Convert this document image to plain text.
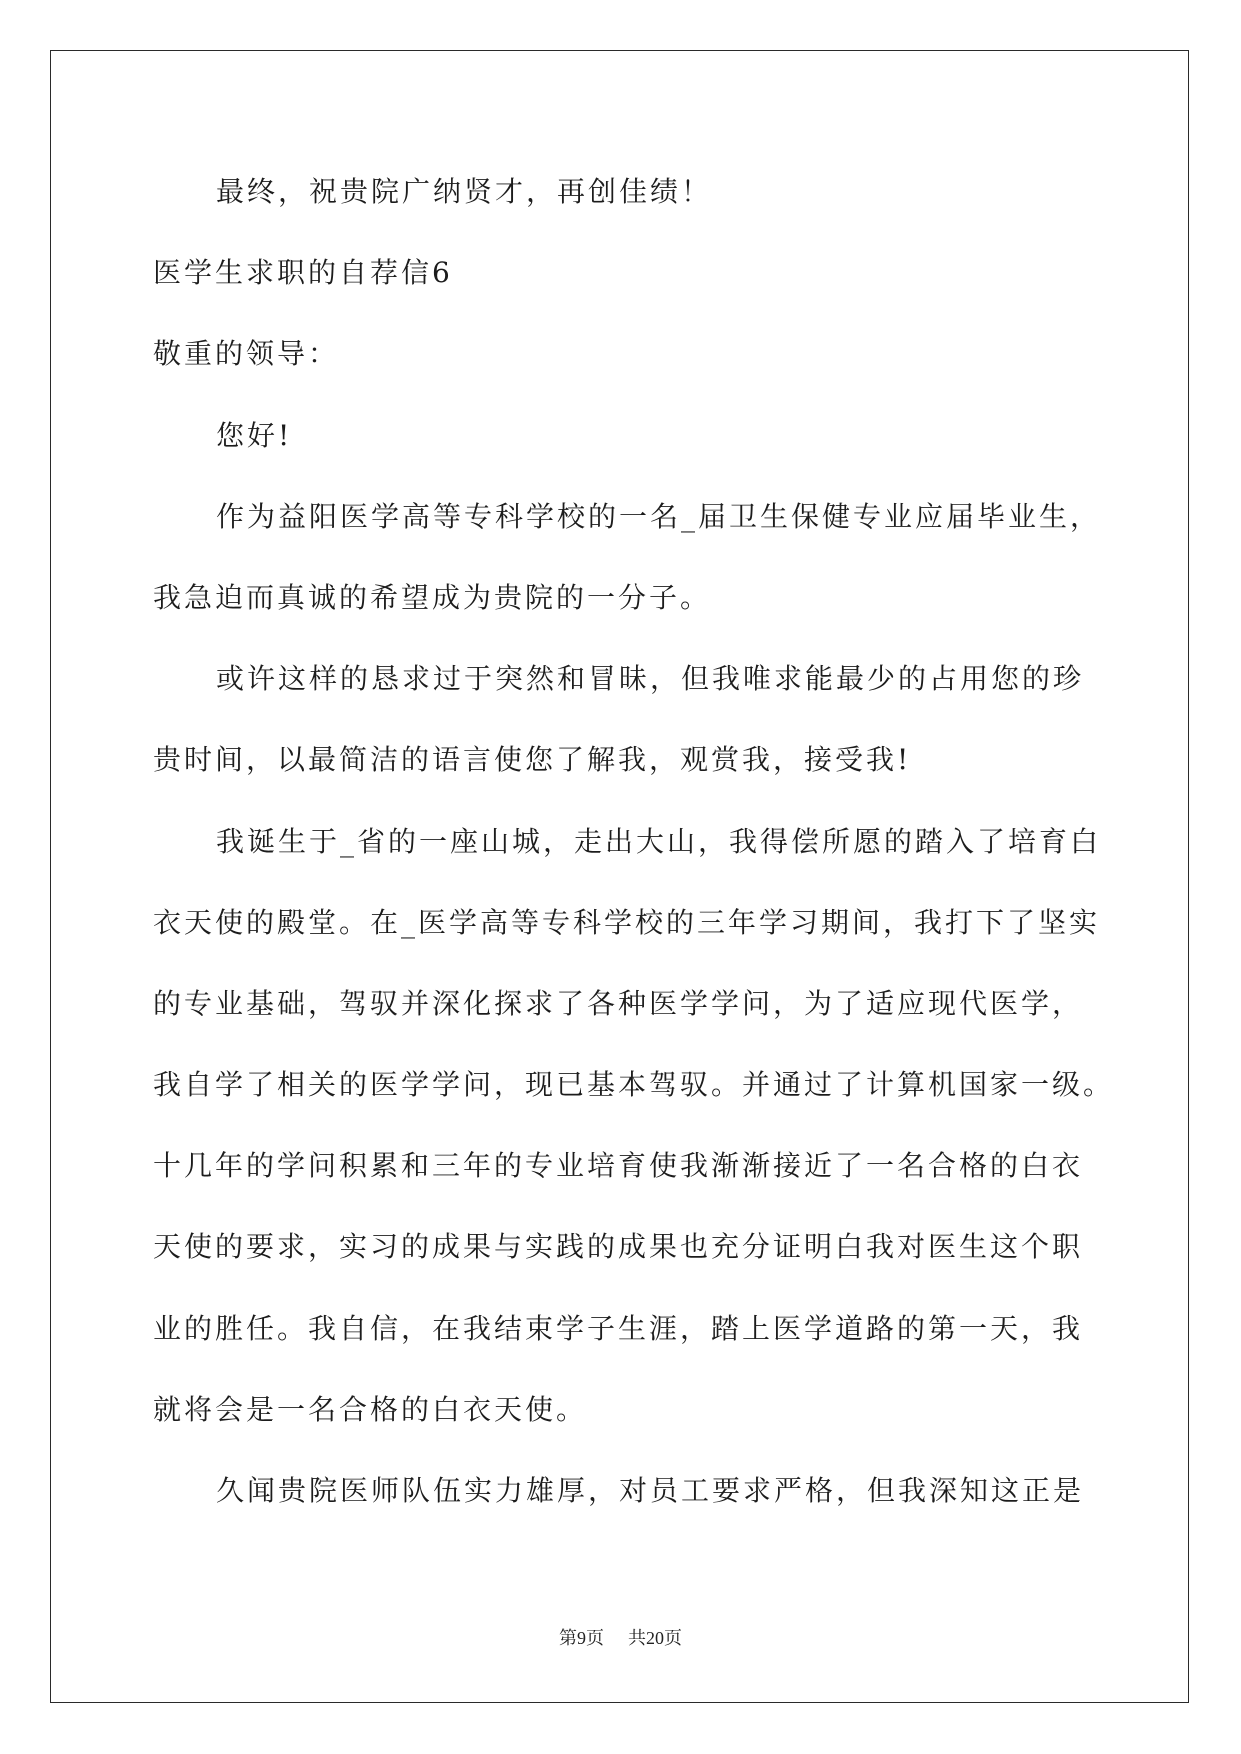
最终，祝贵院广纳贤才，再创佳绩！
医学生求职的自荐信6
敬重的领导：
您好!
作为益阳医学高等专科学校的一名_届卫生保健专业应届毕业生，
我急迫而真诚的希望成为贵院的一分子。
或许这样的恳求过于突然和冒昧，但我唯求能最少的占用您的珍
贵时间，以最简洁的语言使您了解我，观赏我，接受我!
我诞生于_省的一座山城，走出大山，我得偿所愿的踏入了培育白
衣天使的殿堂。在_医学高等专科学校的三年学习期间，我打下了坚实
的专业基础，驾驭并深化探求了各种医学学问，为了适应现代医学，
我自学了相关的医学学问，现已基本驾驭。并通过了计算机国家一级。
十几年的学问积累和三年的专业培育使我渐渐接近了一名合格的白衣
天使的要求，实习的成果与实践的成果也充分证明白我对医生这个职
业的胜任。我自信，在我结束学子生涯，踏上医学道路的第一天，我
就将会是一名合格的白衣天使。
久闻贵院医师队伍实力雄厚，对员工要求严格，但我深知这正是
第9页 共20页
